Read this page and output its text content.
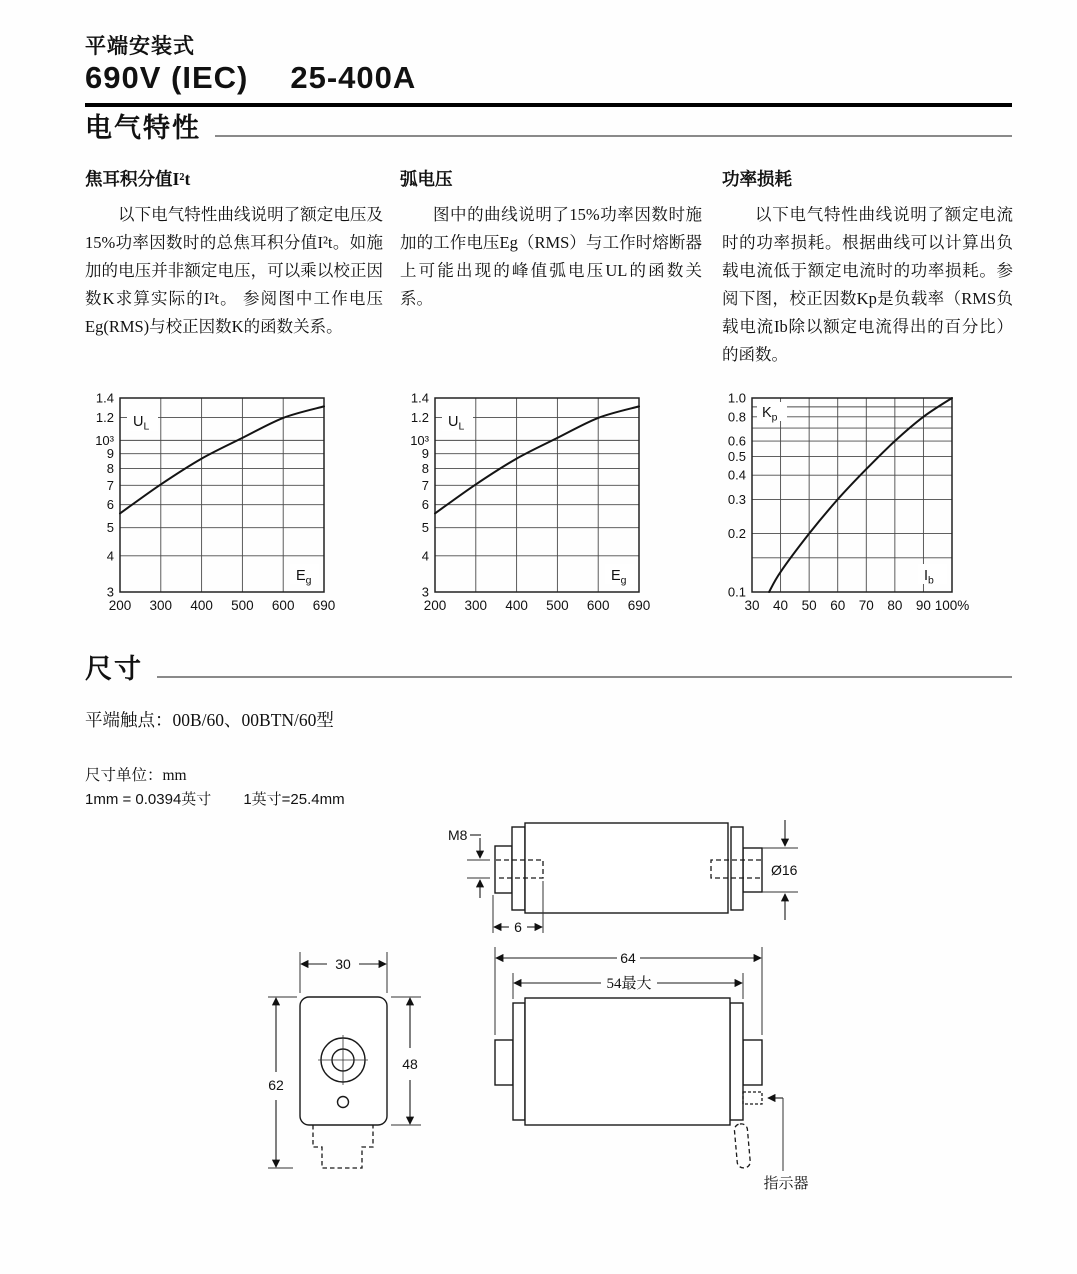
平端安装式
690V (IEC) 25-400A
电气特性
焦耳积分值I²t

以下电气特性曲线说明了额定电压及15%功率因数时的总焦耳积分值I²t。如施加的电压并非额定电压，可以乘以校正因数K求算实际的I²t。 参阅图中工作电压Eg(RMS)与校正因数K的函数关系。

弧电压

图中的曲线说明了15%功率因数时施加的工作电压Eg（RMS）与工作时熔断器上可能出现的峰值弧电压UL的函数关系。

功率损耗

以下电气特性曲线说明了额定电流时的功率损耗。根据曲线可以计算出负载电流低于额定电流时的功率损耗。参阅下图，校正因数Kp是负载率（RMS负载电流Ib除以额定电流得出的百分比）的函数。

1.4
1.2
10³
9
8
7
6
5
4
3
200 300 400 500 600 690
$U_L$
$E_g$
1.4
1.2
10³
9
8
7
6
5
4
3
200 300 400 500 600 690
$U_L$
$E_g$
1.0
0.8
0.6
0.5
0.4
0.3
0.2
0.1
30 40 50 60 70 80 90 100%
$K_p$
$I_b$
尺寸
平端触点：00B/60、00BTN/60型
尺寸单位：mm
1mm = 0.0394英寸 1英寸=25.4mm
M8
Ø16
6
30
48
62
64
54最大
指示器
